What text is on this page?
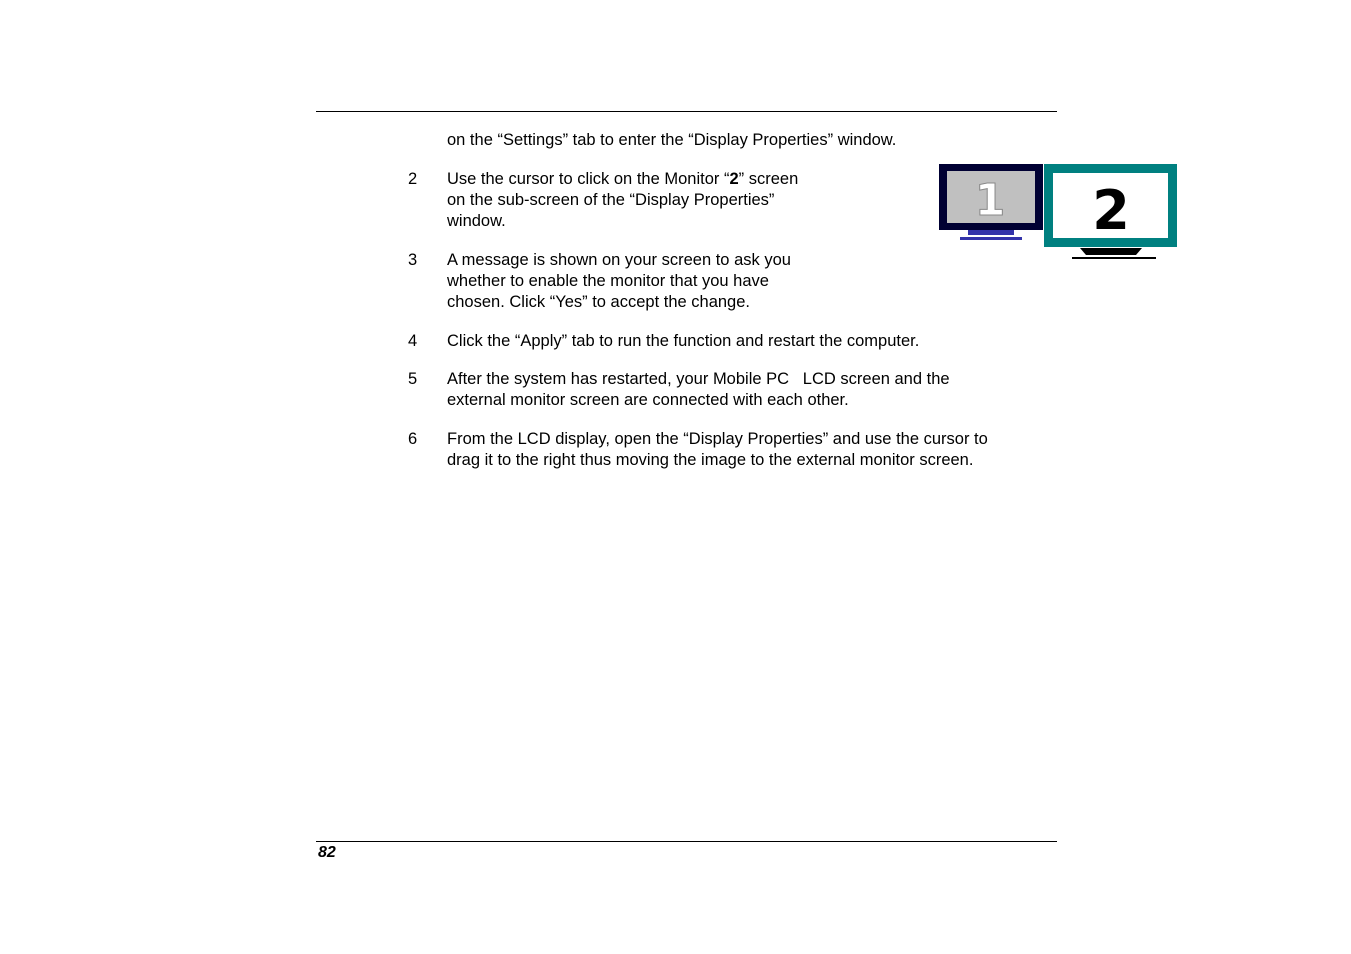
on the “Settings” tab to enter the “Display Properties” window.

2 Use the cursor to click on the Monitor “2” screen
on the sub-screen of the “Display Properties”
window.
3 A message is shown on your screen to ask you
whether to enable the monitor that you have
chosen. Click “Yes” to accept the change.
4 Click the “Apply” tab to run the function and restart the computer.
5 After the system has restarted, your Mobile PC   LCD screen and the
external monitor screen are connected with each other.
6 From the LCD display, open the “Display Properties” and use the cursor to
drag it to the right thus moving the image to the external monitor screen.
1 2
82
